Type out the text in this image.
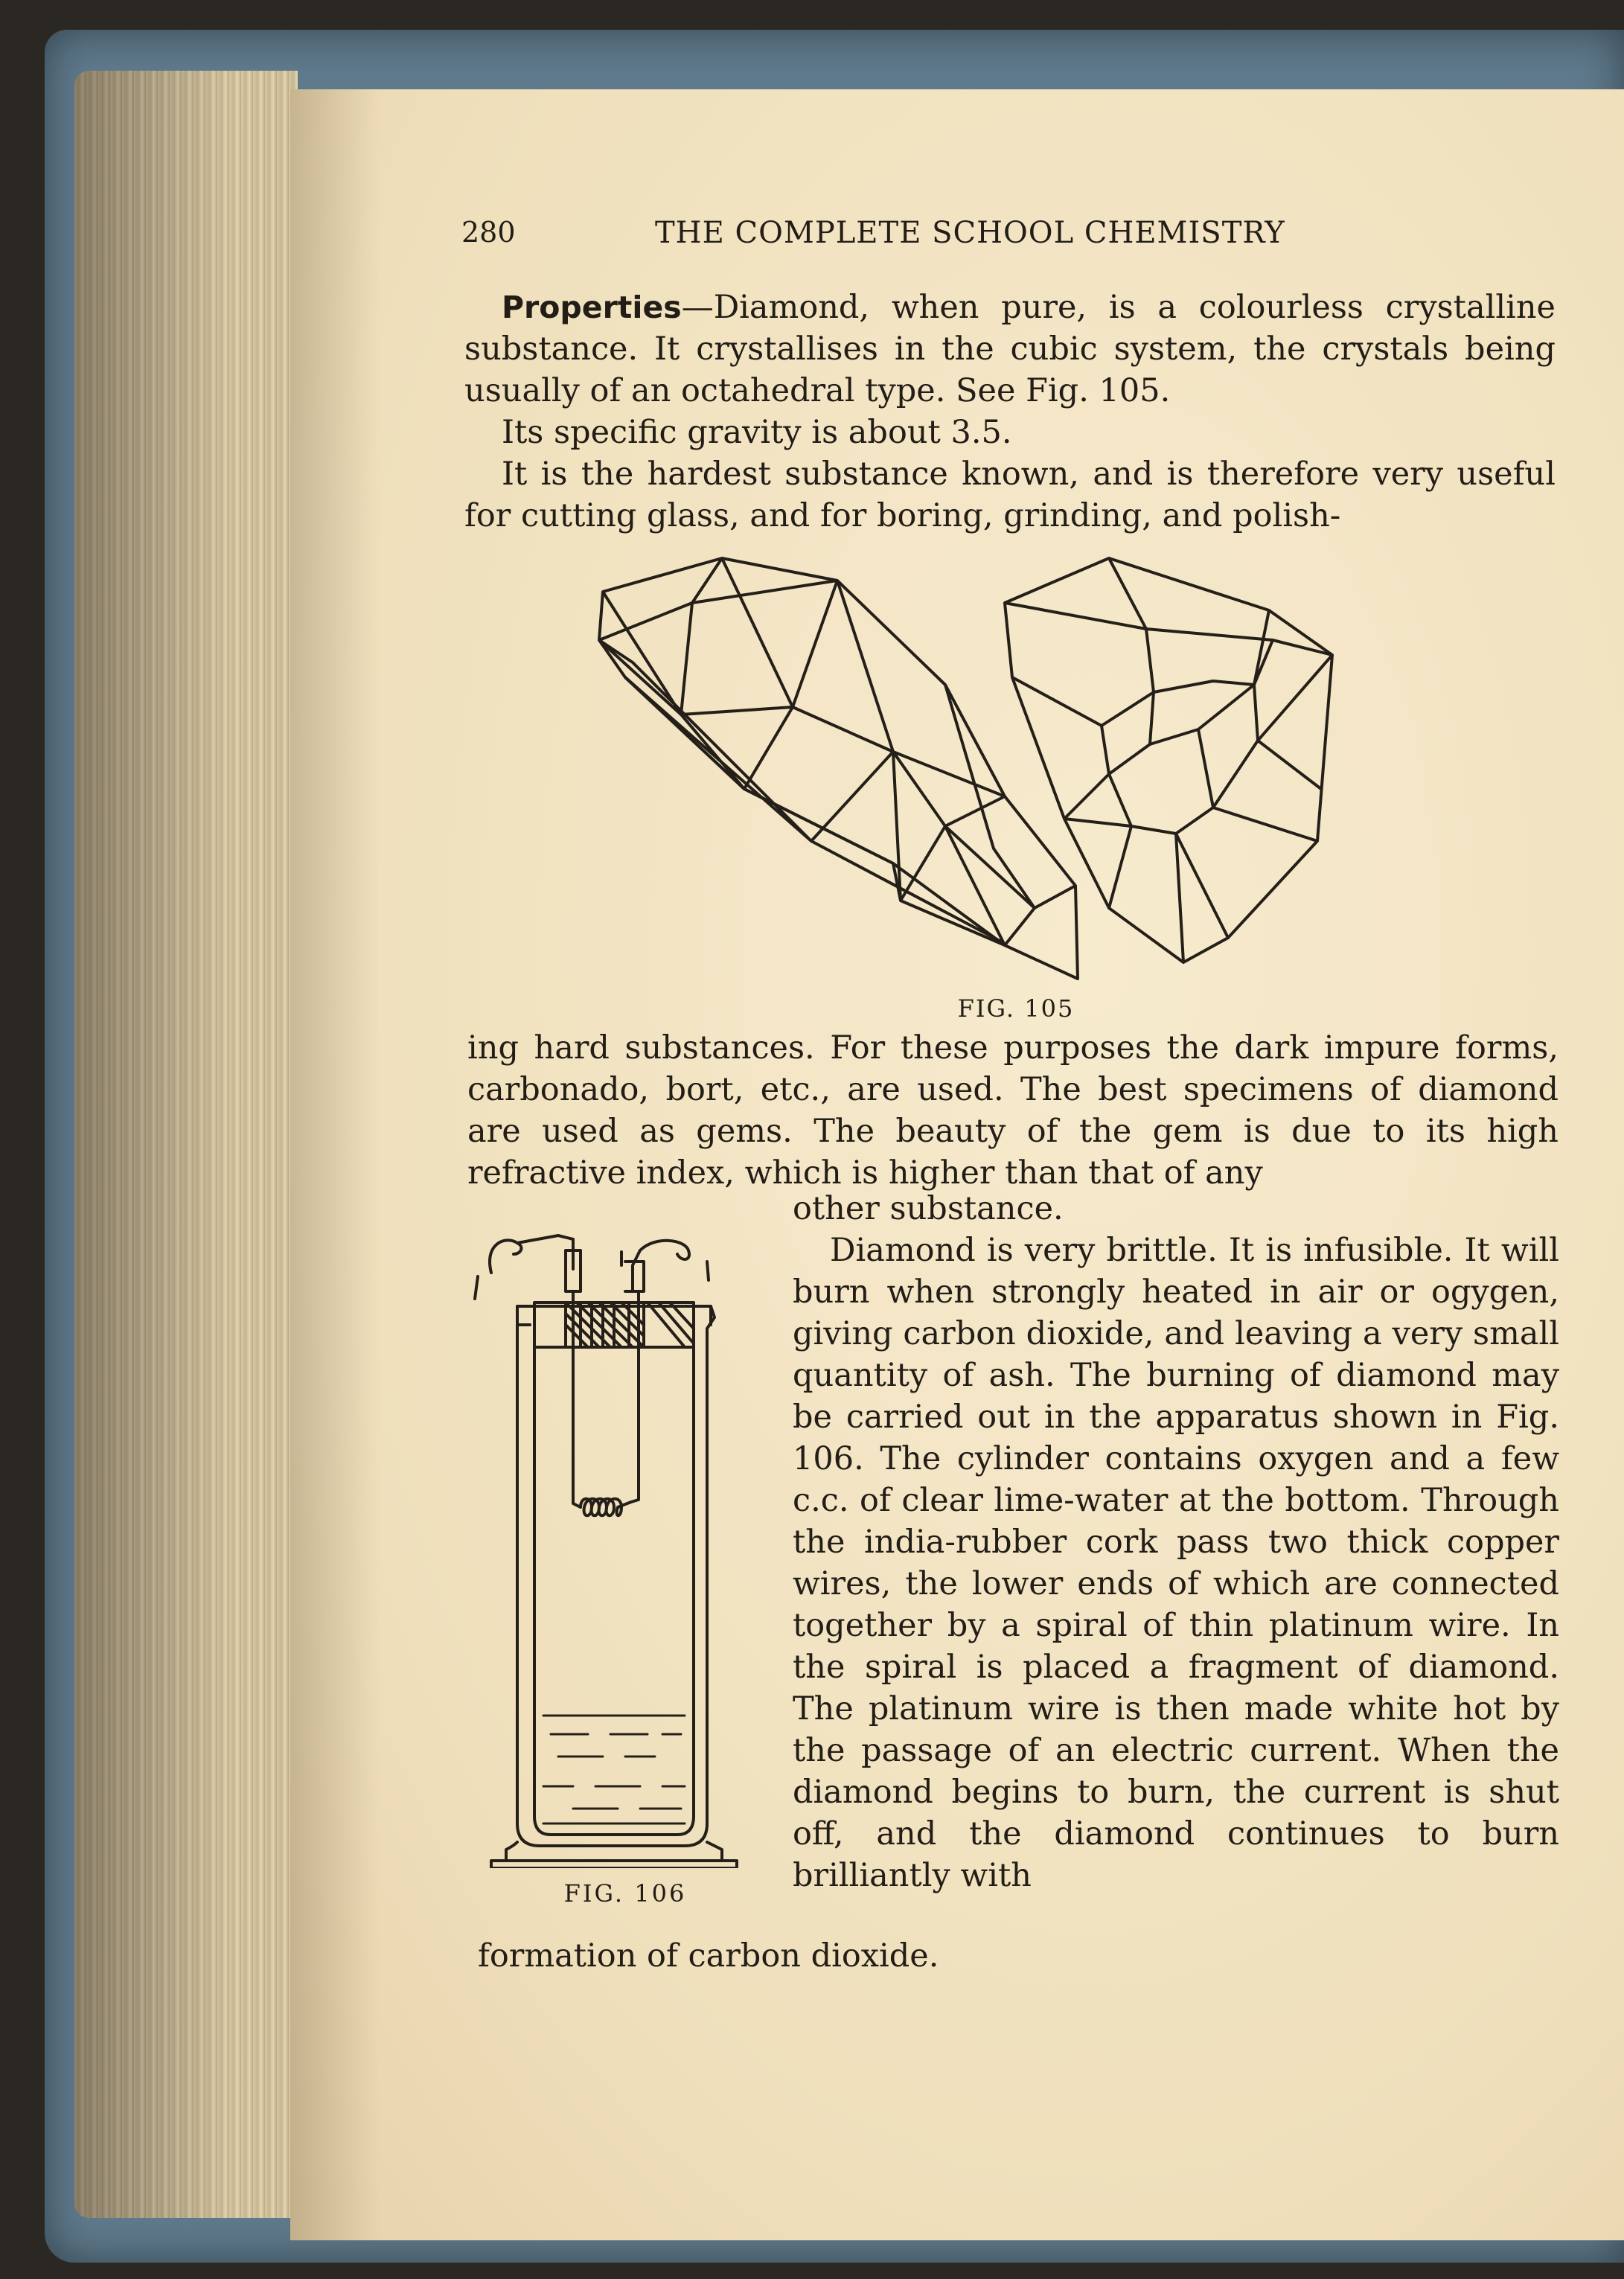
280	THE COMPLETE SCHOOL CHEMISTRY

Properties—Diamond, when pure, is a colourless crystalline substance. It crystallises in the cubic system, the crystals being usually of an octahedral type. See Fig. 105.

Its specific gravity is about 3.5.

It is the hardest substance known, and is therefore very useful for cutting glass, and for boring, grinding, and polish-

FIG. 105

ing hard substances. For these purposes the dark impure forms, carbonado, bort, etc., are used. The best specimens of diamond are used as gems. The beauty of the gem is due to its high refractive index, which is higher than that of any

other substance.

Diamond is very brittle. It is infusible. It will burn when strongly heated in air or ogygen, giving carbon dioxide, and leaving a very small quantity of ash. The burning of diamond may be carried out in the apparatus shown in Fig. 106. The cylinder contains oxygen and a few c.c. of clear lime-water at the bottom. Through the india-rubber cork pass two thick copper wires, the lower ends of which are connected together by a spiral of thin platinum wire. In the spiral is placed a fragment of diamond. The platinum wire is then made white hot by the passage of an electric current. When the diamond begins to burn, the current is shut off, and the diamond continues to burn brilliantly with

FIG. 106

formation of carbon dioxide.
